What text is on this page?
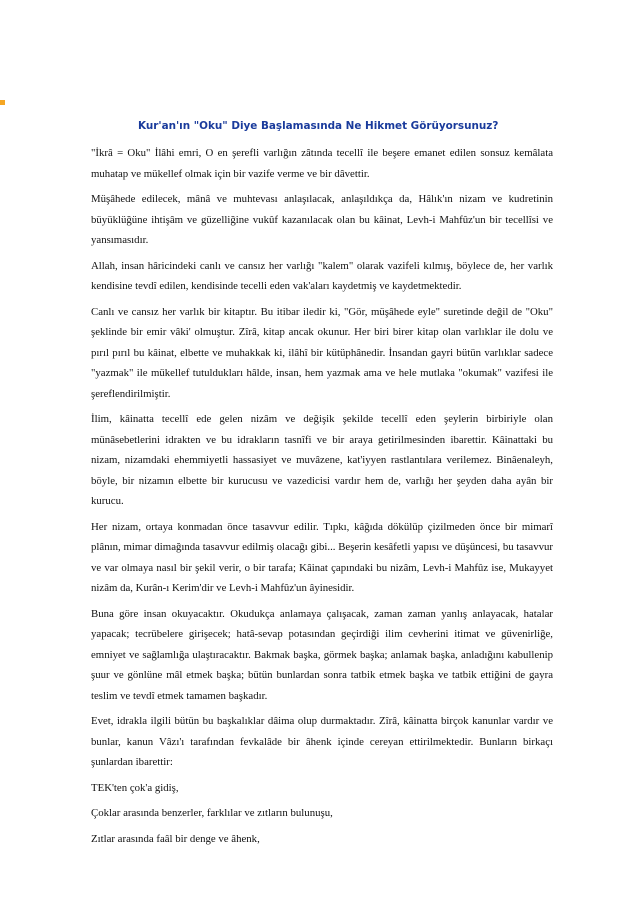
Kur'an'ın "Oku" Diye Başlamasında Ne Hikmet Görüyorsunuz?

"İkrâ = Oku" İlâhi emri, O en şerefli varlığın zâtında tecellî ile beşere emanet edilen sonsuz kemâlata muhatap ve mükellef olmak için bir vazife verme ve bir dâvettir.

Müşâhede edilecek, mânâ ve muhtevası anlaşılacak, anlaşıldıkça da, Hâlık'ın nizam ve kudretinin büyüklüğüne ihtişâm ve güzelliğine vukûf kazanılacak olan bu kâinat, Levh-i Mahfûz'un bir tecellîsi ve yansımasıdır.

Allah, insan hâricindeki canlı ve cansız her varlığı "kalem" olarak vazifeli kılmış, böylece de, her varlık kendisine tevdî edilen, kendisinde tecelli eden vak'aları kaydetmiş ve kaydetmektedir.

Canlı ve cansız her varlık bir kitaptır. Bu itibar iledir ki, "Gör, müşâhede eyle" suretinde değil de "Oku" şeklinde bir emir vâki' olmuştur. Zîrâ, kitap ancak okunur. Her biri birer kitap olan varlıklar ile dolu ve pırıl pırıl bu kâinat, elbette ve muhakkak ki, ilâhî bir kütüphânedir. İnsandan gayri bütün varlıklar sadece "yazmak" ile mükellef tutuldukları hâlde, insan, hem yazmak ama ve hele mutlaka "okumak" vazifesi ile şereflendirilmiştir.

İlim, kâinatta tecellî ede gelen nizâm ve değişik şekilde tecellî eden şeylerin birbiriyle olan münâsebetlerini idrakten ve bu idrakların tasnîfi ve bir araya getirilmesinden ibarettir. Kâinattaki bu nizam, nizamdaki ehemmiyetli hassasiyet ve muvâzene, kat'iyyen rastlantılara verilemez. Binâenaleyh, böyle, bir nizamın elbette bir kurucusu ve vazedicisi vardır hem de, varlığı her şeyden daha ayân bir kurucu.

Her nizam, ortaya konmadan önce tasavvur edilir. Tıpkı, kâğıda dökülüp çizilmeden önce bir mimarî plânın, mimar dimağında tasavvur edilmiş olacağı gibi... Beşerin kesâfetli yapısı ve düşüncesi, bu tasavvur ve var olmaya nasıl bir şekil verir, o bir tarafa; Kâinat çapındaki bu nizâm, Levh-i Mahfûz ise, Mukayyet nizâm da, Kurân-ı Kerim'dir ve Levh-i Mahfûz'un âyinesidir.

Buna göre insan okuyacaktır. Okudukça anlamaya çalışacak, zaman zaman yanlış anlayacak, hatalar yapacak; tecrübelere girişecek; hatâ-sevap potasından geçirdiği ilim cevherini itimat ve güvenirliğe, emniyet ve sağlamlığa ulaştıracaktır. Bakmak başka, görmek başka; anlamak başka, anladığını kabullenip şuur ve gönlüne mâl etmek başka; bütün bunlardan sonra tatbik etmek başka ve tatbik ettiğini de gayra teslim ve tevdî etmek tamamen başkadır.

Evet, idrakla ilgili bütün bu başkalıklar dâima olup durmaktadır. Zîrâ, kâinatta birçok kanunlar vardır ve bunlar, kanun Vâzı'ı tarafından fevkalâde bir âhenk içinde cereyan ettirilmektedir. Bunların birkaçı şunlardan ibarettir:

TEK'ten çok'a gidiş,

Çoklar arasında benzerler, farklılar ve zıtların bulunuşu,

Zıtlar arasında faâl bir denge ve âhenk,
